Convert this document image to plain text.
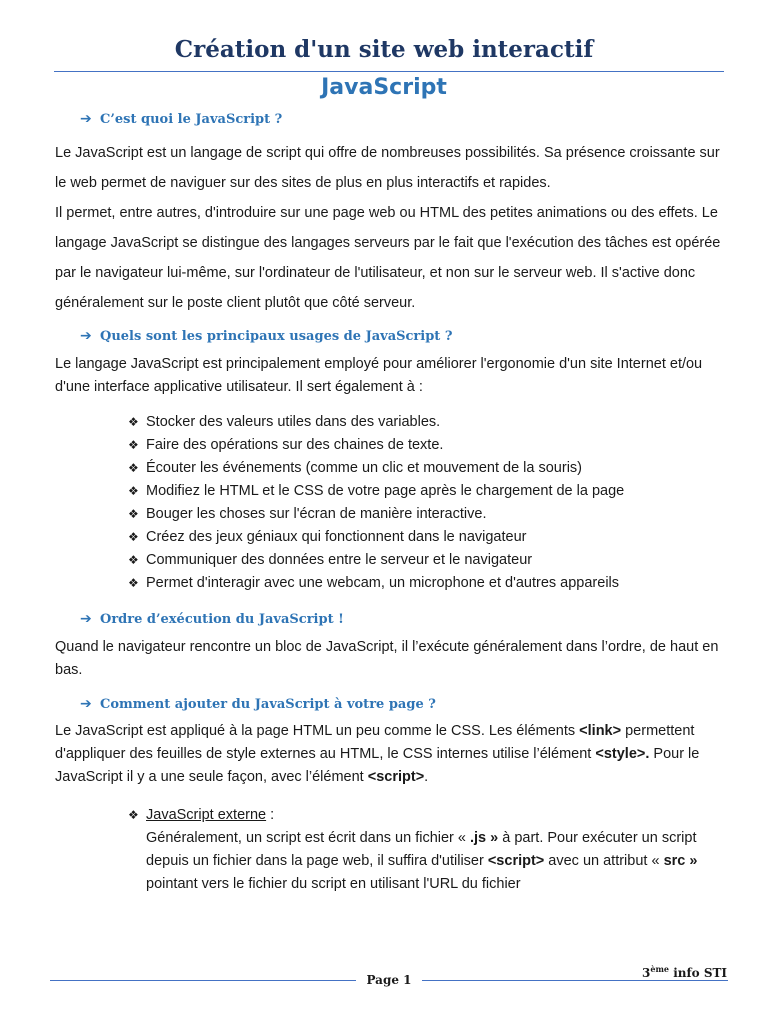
Création d'un site web interactif
JavaScript
➔ C’est quoi le JavaScript ?
Le JavaScript est un langage de script qui offre de nombreuses possibilités. Sa présence croissante sur le web permet de naviguer sur des sites de plus en plus interactifs et rapides.
Il permet, entre autres, d'introduire sur une page web ou HTML des petites animations ou des effets. Le langage JavaScript se distingue des langages serveurs par le fait que l'exécution des tâches est opérée par le navigateur lui-même, sur l'ordinateur de l'utilisateur, et non sur le serveur web. Il s'active donc généralement sur le poste client plutôt que côté serveur.
➔ Quels sont les principaux usages de JavaScript ?

Le langage JavaScript est principalement employé pour améliorer l'ergonomie d'un site Internet et/ou d'une interface applicative utilisateur. Il sert également à :

❖ Stocker des valeurs utiles dans des variables.
❖ Faire des opérations sur des chaines de texte.
❖ Écouter les événements (comme un clic et mouvement de la souris)
❖ Modifiez le HTML et le CSS de votre page après le chargement de la page
❖ Bouger les choses sur l'écran de manière interactive.
❖ Créez des jeux géniaux qui fonctionnent dans le navigateur
❖ Communiquer des données entre le serveur et le navigateur
❖ Permet d'interagir avec une webcam, un microphone et d'autres appareils
➔ Ordre d’exécution du JavaScript !

Quand le navigateur rencontre un bloc de JavaScript, il l’exécute généralement dans l’ordre, de haut en bas.

➔ Comment ajouter du JavaScript à votre page ?

Le JavaScript est appliqué à la page HTML un peu comme le CSS. Les éléments <link> permettent d'appliquer des feuilles de style externes au HTML, le CSS internes utilise l’élément <style>. Pour le JavaScript il y a une seule façon, avec l’élément <script>.

❖ JavaScript externe :
Généralement, un script est écrit dans un fichier « .js » à part. Pour exécuter un script depuis un fichier dans la page web, il suffira d'utiliser <script> avec un attribut « src » pointant vers le fichier du script en utilisant l'URL du fichier
Page 1	3ème info STI
